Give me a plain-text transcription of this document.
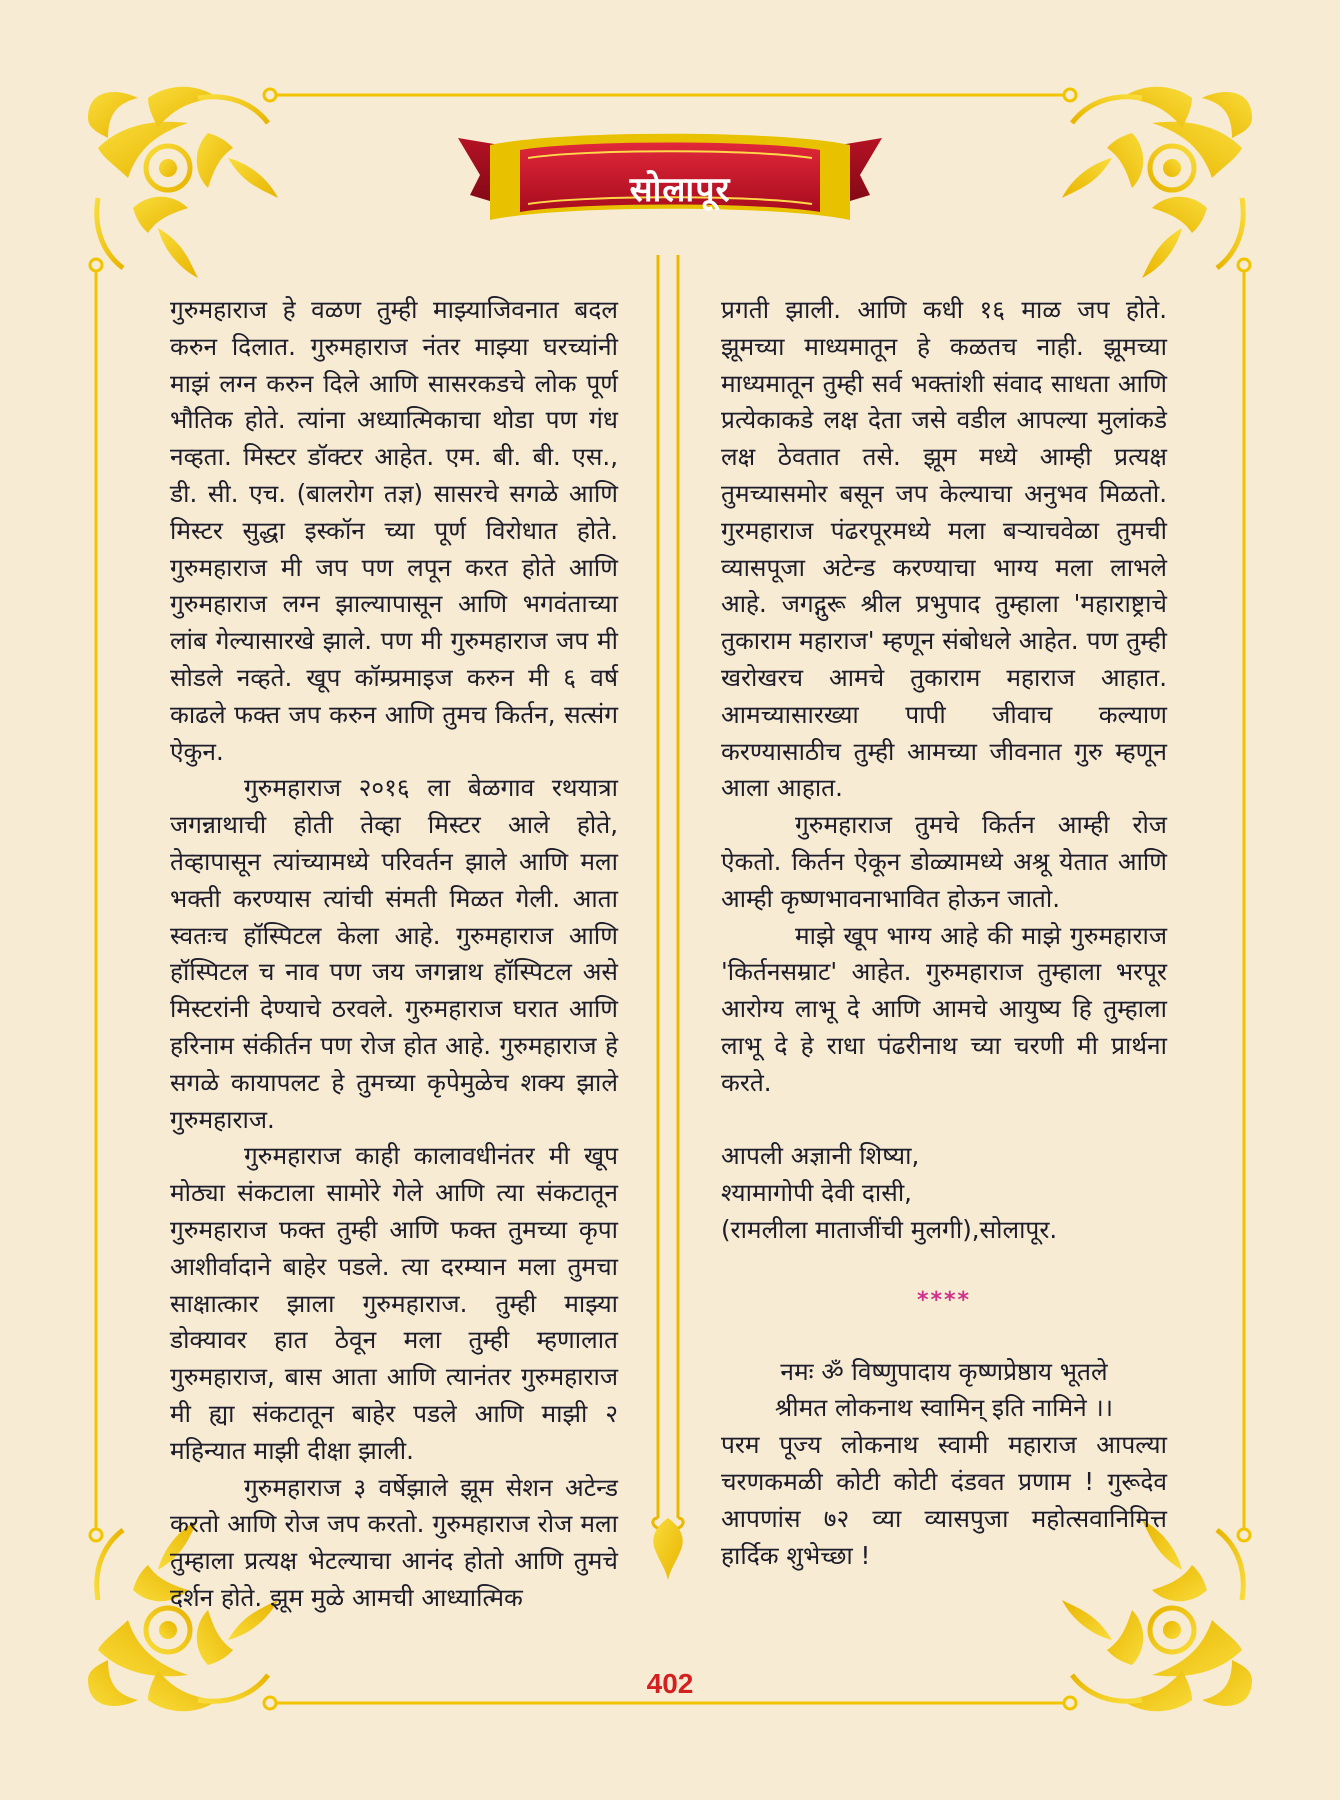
सोलापूर

गुरुमहाराज हे वळण तुम्ही माझ्याजिवनात बदल करुन दिलात. गुरुमहाराज नंतर माझ्या घरच्यांनी माझं लग्न करुन दिले आणि सासरकडचे लोक पूर्ण भौतिक होते. त्यांना अध्यात्मिकाचा थोडा पण गंध नव्हता. मिस्टर डॉक्टर आहेत. एम. बी. बी. एस., डी. सी. एच. (बालरोग तज्ञ) सासरचे सगळे आणि मिस्टर सुद्धा इस्कॉन च्या पूर्ण विरोधात होते. गुरुमहाराज मी जप पण लपून करत होते आणि गुरुमहाराज लग्न झाल्यापासून आणि भगवंताच्या लांब गेल्यासारखे झाले. पण मी गुरुमहाराज जप मी सोडले नव्हते. खूप कॉम्प्रमाइज करुन मी ६ वर्ष काढले फक्त जप करुन आणि तुमच किर्तन, सत्संग ऐकुन.

गुरुमहाराज २०१६ ला बेळगाव रथयात्रा जगन्नाथाची होती तेव्हा मिस्टर आले होते, तेव्हापासून त्यांच्यामध्ये परिवर्तन झाले आणि मला भक्ती करण्यास त्यांची संमती मिळत गेली. आता स्वतःच हॉस्पिटल केला आहे. गुरुमहाराज आणि हॉस्पिटल च नाव पण जय जगन्नाथ हॉस्पिटल असे मिस्टरांनी देण्याचे ठरवले. गुरुमहाराज घरात आणि हरिनाम संकीर्तन पण रोज होत आहे. गुरुमहाराज हे सगळे कायापलट हे तुमच्या कृपेमुळेच शक्य झाले गुरुमहाराज.

गुरुमहाराज काही कालावधीनंतर मी खूप मोठ्या संकटाला सामोरे गेले आणि त्या संकटातून गुरुमहाराज फक्त तुम्ही आणि फक्त तुमच्या कृपा आशीर्वादाने बाहेर पडले. त्या दरम्यान मला तुमचा साक्षात्कार झाला गुरुमहाराज. तुम्ही माझ्या डोक्यावर हात ठेवून मला तुम्ही म्हणालात गुरुमहाराज, बास आता आणि त्यानंतर गुरुमहाराज मी ह्या संकटातून बाहेर पडले आणि माझी २ महिन्यात माझी दीक्षा झाली.

गुरुमहाराज ३ वर्षेझाले झूम सेशन अटेन्ड करतो आणि रोज जप करतो. गुरुमहाराज रोज मला तुम्हाला प्रत्यक्ष भेटल्याचा आनंद होतो आणि तुमचे दर्शन होते. झूम मुळे आमची आध्यात्मिक

प्रगती झाली. आणि कधी १६ माळ जप होते. झूमच्या माध्यमातून हे कळतच नाही. झूमच्या माध्यमातून तुम्ही सर्व भक्तांशी संवाद साधता आणि प्रत्येकाकडे लक्ष देता जसे वडील आपल्या मुलांकडे लक्ष ठेवतात तसे. झूम मध्ये आम्ही प्रत्यक्ष तुमच्यासमोर बसून जप केल्याचा अनुभव मिळतो. गुरमहाराज पंढरपूरमध्ये मला बऱ्याचवेळा तुमची व्यासपूजा अटेन्ड करण्याचा भाग्य मला लाभले आहे. जगद्गुरू श्रील प्रभुपाद तुम्हाला 'महाराष्ट्राचे तुकाराम महाराज' म्हणून संबोधले आहेत. पण तुम्ही खरोखरच आमचे तुकाराम महाराज आहात. आमच्यासारख्या पापी जीवाच कल्याण करण्यासाठीच तुम्ही आमच्या जीवनात गुरु म्हणून आला आहात.

गुरुमहाराज तुमचे किर्तन आम्ही रोज ऐकतो. किर्तन ऐकून डोळ्यामध्ये अश्रू येतात आणि आम्ही कृष्णभावनाभावित होऊन जातो.

माझे खूप भाग्य आहे की माझे गुरुमहाराज 'किर्तनसम्राट' आहेत. गुरुमहाराज तुम्हाला भरपूर आरोग्य लाभू दे आणि आमचे आयुष्य हि तुम्हाला लाभू दे हे राधा पंढरीनाथ च्या चरणी मी प्रार्थना करते.

आपली अज्ञानी शिष्या,
श्यामागोपी देवी दासी,
(रामलीला माताजींची मुलगी),सोलापूर.
****
नमः ॐ विष्णुपादाय कृष्णप्रेष्ठाय भूतले
श्रीमत लोकनाथ स्वामिन् इति नामिने ।।

परम पूज्य लोकनाथ स्वामी महाराज आपल्या चरणकमळी कोटी कोटी दंडवत प्रणाम ! गुरूदेव आपणांस ७२ व्या व्यासपुजा महोत्सवानिमित्त हार्दिक शुभेच्छा !

402
